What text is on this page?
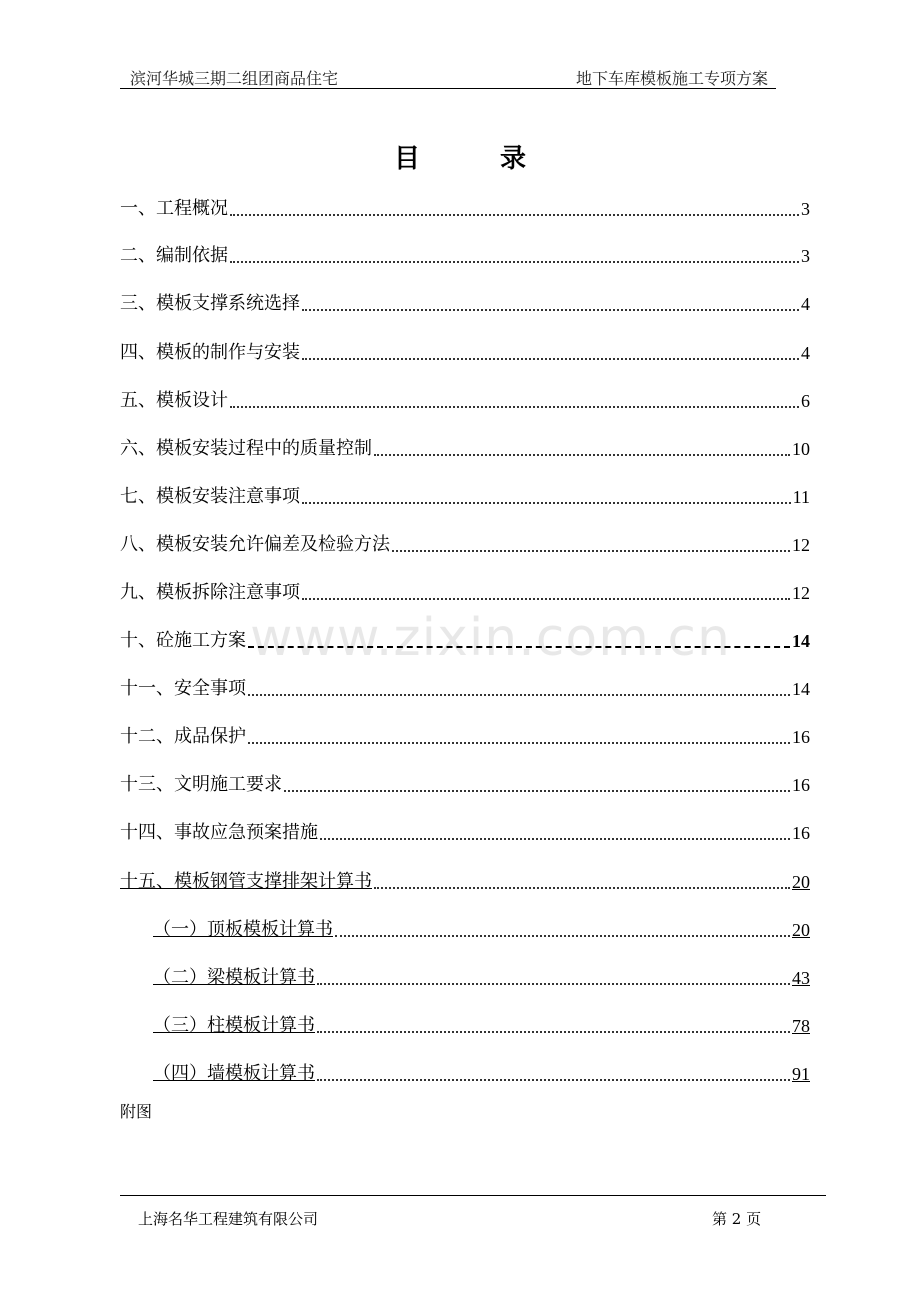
滨河华城三期二组团商品住宅	地下车库模板施工专项方案
目录
一、工程概况	3
二、编制依据	3
三、模板支撑系统选择	4
四、模板的制作与安装	4
五、模板设计	6
六、模板安装过程中的质量控制	10
七、模板安装注意事项	11
八、模板安装允许偏差及检验方法	12
九、模板拆除注意事项	12
十、砼施工方案	14
十一、安全事项	14
十二、成品保护	16
十三、文明施工要求	16
十四、事故应急预案措施	16
十五、模板钢管支撑排架计算书	20
（一）顶板模板计算书	20
（二）梁模板计算书	43
（三）柱模板计算书	78
（四）墙模板计算书	91
www.zixin.com.cn
附图
上海名华工程建筑有限公司	第 2 页
